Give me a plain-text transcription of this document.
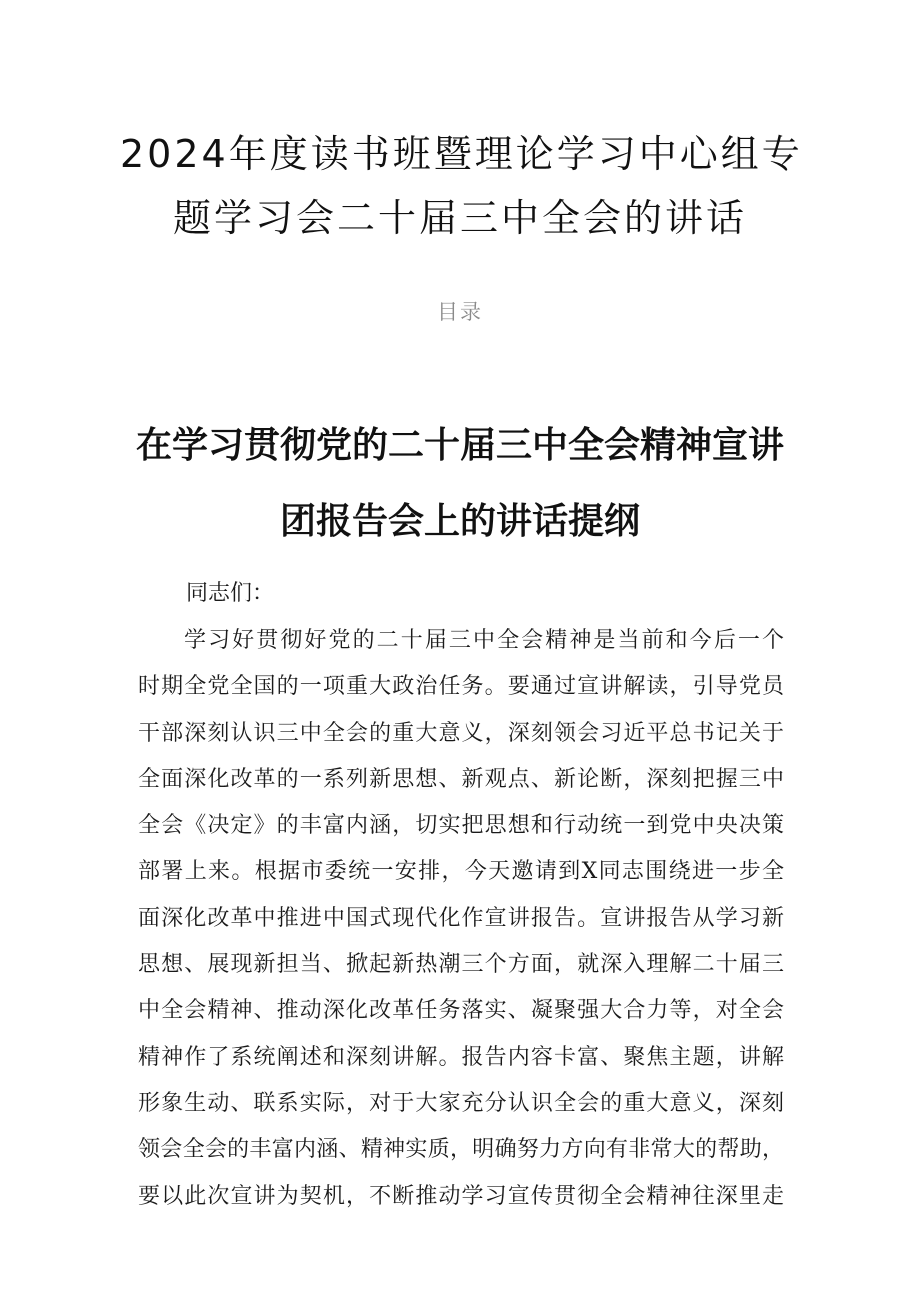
2024年度读书班暨理论学习中心组专
题学习会二十届三中全会的讲话
目录
在学习贯彻党的二十届三中全会精神宣讲
团报告会上的讲话提纲
同志们：
学习好贯彻好党的二十届三中全会精神是当前和今后一个
时期全党全国的一项重大政治任务。要通过宣讲解读，引导党员
干部深刻认识三中全会的重大意义，深刻领会习近平总书记关于
全面深化改革的一系列新思想、新观点、新论断，深刻把握三中
全会《决定》的丰富内涵，切实把思想和行动统一到党中央决策
部署上来。根据市委统一安排，今天邀请到X同志围绕进一步全
面深化改革中推进中国式现代化作宣讲报告。宣讲报告从学习新
思想、展现新担当、掀起新热潮三个方面，就深入理解二十届三
中全会精神、推动深化改革任务落实、凝聚强大合力等，对全会
精神作了系统阐述和深刻讲解。报告内容卡富、聚焦主题，讲解
形象生动、联系实际，对于大家充分认识全会的重大意义，深刻
领会全会的丰富内涵、精神实质，明确努力方向有非常大的帮助，
要以此次宣讲为契机，不断推动学习宣传贯彻全会精神往深里走
